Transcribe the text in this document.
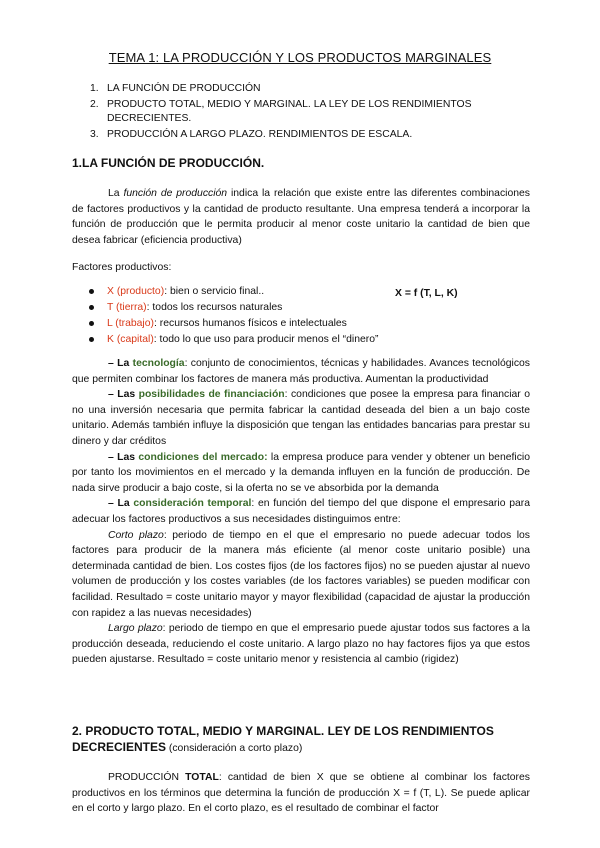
TEMA 1: LA PRODUCCIÓN Y LOS PRODUCTOS MARGINALES
1. LA FUNCIÓN DE PRODUCCIÓN
2. PRODUCTO TOTAL, MEDIO Y MARGINAL. LA LEY DE LOS RENDIMIENTOS DECRECIENTES.
3. PRODUCCIÓN A LARGO PLAZO. RENDIMIENTOS DE ESCALA.
1.LA FUNCIÓN DE PRODUCCIÓN.

La función de producción indica la relación que existe entre las diferentes combinaciones de factores productivos y la cantidad de producto resultante. Una empresa tenderá a incorporar la función de producción que le permita producir al menor coste unitario la cantidad de bien que desea fabricar (eficiencia productiva)

Factores productivos:
X (producto): bien o servicio final..
T (tierra): todos los recursos naturales
L (trabajo): recursos humanos físicos e intelectuales
K (capital): todo lo que uso para producir menos el “dinero”
X = f (T, L, K)

– La tecnología: conjunto de conocimientos, técnicas y habilidades. Avances tecnológicos que permiten combinar los factores de manera más productiva. Aumentan la productividad

– Las posibilidades de financiación: condiciones que posee la empresa para financiar o no una inversión necesaria que permita fabricar la cantidad deseada del bien a un bajo coste unitario. Además también influye la disposición que tengan las entidades bancarias para prestar su dinero y dar créditos

– Las condiciones del mercado: la empresa produce para vender y obtener un beneficio por tanto los movimientos en el mercado y la demanda influyen en la función de producción. De nada sirve producir a bajo coste, si la oferta no se ve absorbida por la demanda

– La consideración temporal: en función del tiempo del que dispone el empresario para adecuar los factores productivos a sus necesidades distinguimos entre:

Corto plazo: periodo de tiempo en el que el empresario no puede adecuar todos los factores para producir de la manera más eficiente (al menor coste unitario posible) una determinada cantidad de bien. Los costes fijos (de los factores fijos) no se pueden ajustar al nuevo volumen de producción y los costes variables (de los factores variables) se pueden modificar con facilidad. Resultado = coste unitario mayor y mayor flexibilidad (capacidad de ajustar la producción con rapidez a las nuevas necesidades)

Largo plazo: periodo de tiempo en que el empresario puede ajustar todos sus factores a la producción deseada, reduciendo el coste unitario. A largo plazo no hay factores fijos ya que estos pueden ajustarse. Resultado = coste unitario menor y resistencia al cambio (rigidez)

2. PRODUCTO TOTAL, MEDIO Y MARGINAL. LEY DE LOS RENDIMIENTOS DECRECIENTES (consideración a corto plazo)

PRODUCCIÓN TOTAL: cantidad de bien X que se obtiene al combinar los factores productivos en los términos que determina la función de producción X = f (T, L). Se puede aplicar en el corto y largo plazo. En el corto plazo, es el resultado de combinar el factor
